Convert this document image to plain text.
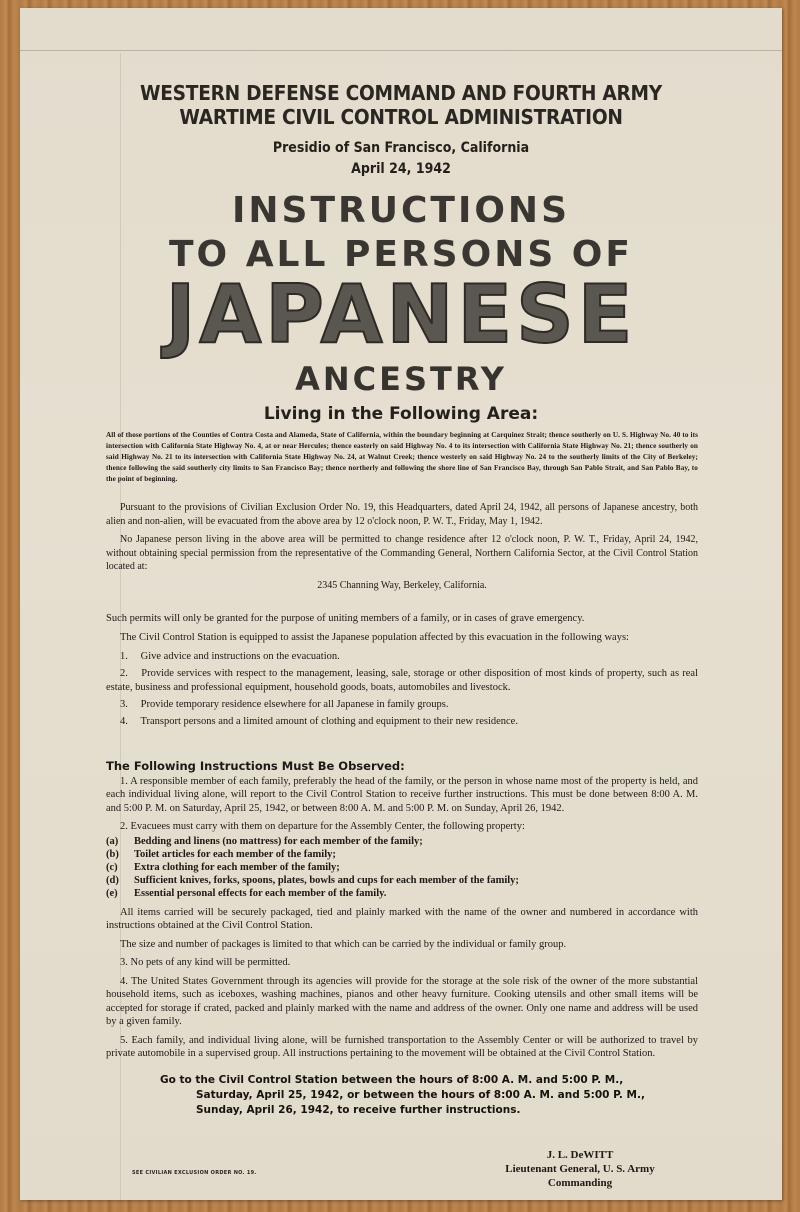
WESTERN DEFENSE COMMAND AND FOURTH ARMY
WARTIME CIVIL CONTROL ADMINISTRATION
Presidio of San Francisco, California
April 24, 1942
INSTRUCTIONS
TO ALL PERSONS OF
JAPANESE
ANCESTRY
Living in the Following Area:
All of those portions of the Counties of Contra Costa and Alameda, State of California, within the boundary beginning at Carquinez Strait; thence southerly on U. S. Highway No. 40 to its intersection with California State Highway No. 4, at or near Hercules; thence easterly on said Highway No. 4 to its intersection with California State Highway No. 21; thence southerly on said Highway No. 21 to its intersection with California State Highway No. 24, at Walnut Creek; thence westerly on said Highway No. 24 to the southerly limits of the City of Berkeley; thence following the said southerly city limits to San Francisco Bay; thence northerly and following the shore line of San Francisco Bay, through San Pablo Strait, and San Pablo Bay, to the point of beginning.

Pursuant to the provisions of Civilian Exclusion Order No. 19, this Headquarters, dated April 24, 1942, all persons of Japanese ancestry, both alien and non-alien, will be evacuated from the above area by 12 o'clock noon, P. W. T., Friday, May 1, 1942.

No Japanese person living in the above area will be permitted to change residence after 12 o'clock noon, P. W. T., Friday, April 24, 1942, without obtaining special permission from the representative of the Commanding General, Northern California Sector, at the Civil Control Station located at:

2345 Channing Way, Berkeley, California.

Such permits will only be granted for the purpose of uniting members of a family, or in cases of grave emergency.

The Civil Control Station is equipped to assist the Japanese population affected by this evacuation in the following ways:

1. Give advice and instructions on the evacuation.
2. Provide services with respect to the management, leasing, sale, storage or other disposition of most kinds of property, such as real estate, business and professional equipment, household goods, boats, automobiles and livestock.
3. Provide temporary residence elsewhere for all Japanese in family groups.
4. Transport persons and a limited amount of clothing and equipment to their new residence.
The Following Instructions Must Be Observed:

1. A responsible member of each family, preferably the head of the family, or the person in whose name most of the property is held, and each individual living alone, will report to the Civil Control Station to receive further instructions. This must be done between 8:00 A. M. and 5:00 P. M. on Saturday, April 25, 1942, or between 8:00 A. M. and 5:00 P. M. on Sunday, April 26, 1942.

2. Evacuees must carry with them on departure for the Assembly Center, the following property:

(a) Bedding and linens (no mattress) for each member of the family;
(b) Toilet articles for each member of the family;
(c) Extra clothing for each member of the family;
(d) Sufficient knives, forks, spoons, plates, bowls and cups for each member of the family;
(e) Essential personal effects for each member of the family.

All items carried will be securely packaged, tied and plainly marked with the name of the owner and numbered in accordance with instructions obtained at the Civil Control Station.

The size and number of packages is limited to that which can be carried by the individual or family group.

3. No pets of any kind will be permitted.

4. The United States Government through its agencies will provide for the storage at the sole risk of the owner of the more substantial household items, such as iceboxes, washing machines, pianos and other heavy furniture. Cooking utensils and other small items will be accepted for storage if crated, packed and plainly marked with the name and address of the owner. Only one name and address will be used by a given family.

5. Each family, and individual living alone, will be furnished transportation to the Assembly Center or will be authorized to travel by private automobile in a supervised group. All instructions pertaining to the movement will be obtained at the Civil Control Station.

Go to the Civil Control Station between the hours of 8:00 A. M. and 5:00 P. M.,
Saturday, April 25, 1942, or between the hours of 8:00 A. M. and 5:00 P. M.,
Sunday, April 26, 1942, to receive further instructions.
J. L. DeWITT
Lieutenant General, U. S. Army
Commanding
SEE CIVILIAN EXCLUSION ORDER NO. 19.
